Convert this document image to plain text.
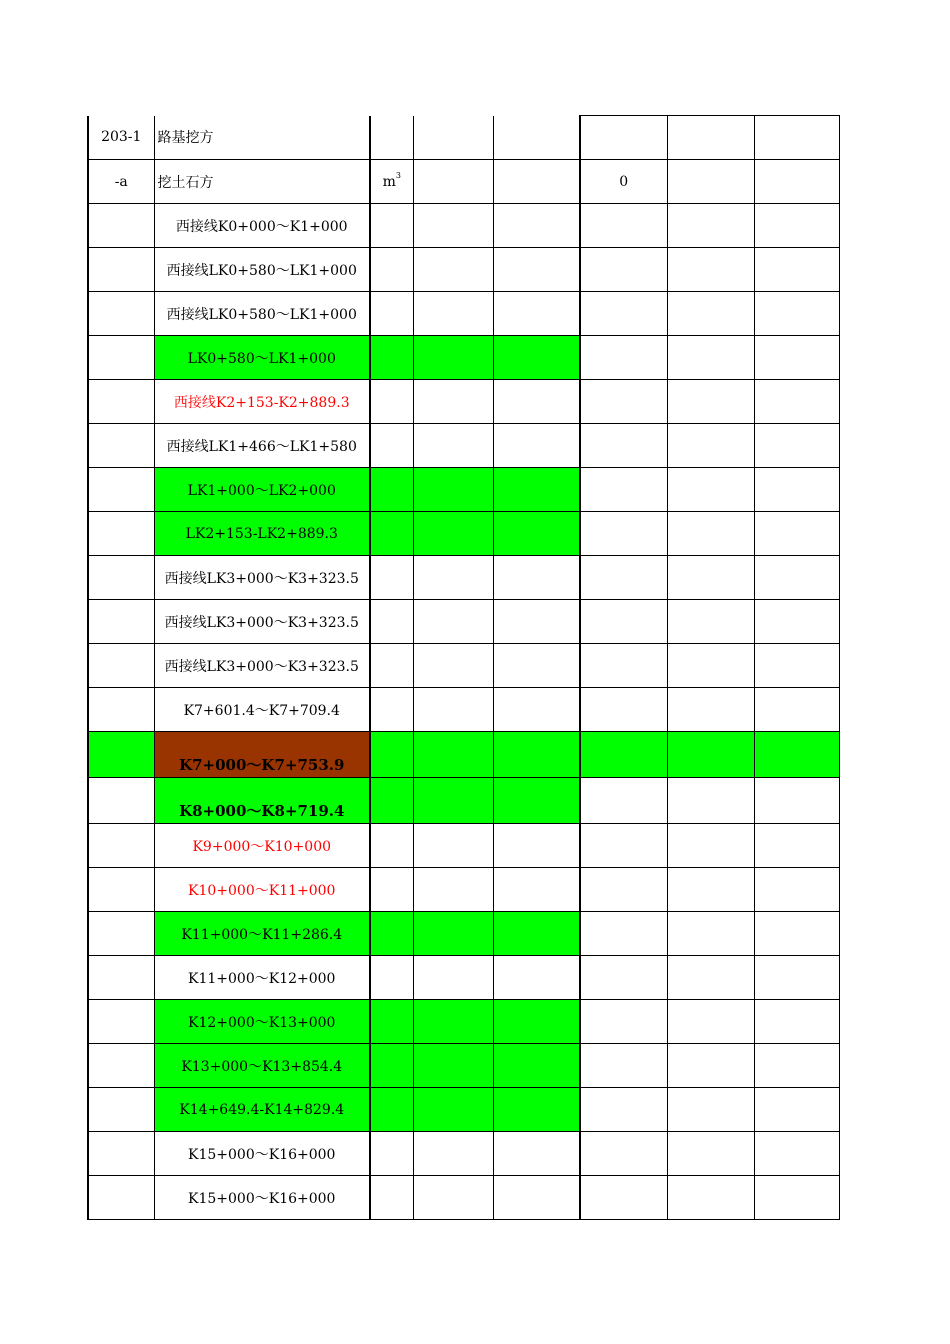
203-1	路基挖方						
-a	挖土石方	$m^3$			0		
	西接线K0+000～K1+000						
	西接线LK0+580～LK1+000						
	西接线LK0+580～LK1+000						
	LK0+580～LK1+000						
	西接线K2+153-K2+889.3						
	西接线LK1+466～LK1+580						
	LK1+000～LK2+000						
	LK2+153-LK2+889.3						
	西接线LK3+000～K3+323.5						
	西接线LK3+000～K3+323.5						
	西接线LK3+000～K3+323.5						
	K7+601.4～K7+709.4						
	K7+000～K7+753.9						
	K8+000～K8+719.4						
	K9+000～K10+000						
	K10+000～K11+000						
	K11+000～K11+286.4						
	K11+000～K12+000						
	K12+000～K13+000						
	K13+000～K13+854.4						
	K14+649.4-K14+829.4						
	K15+000～K16+000						
	K15+000～K16+000						
